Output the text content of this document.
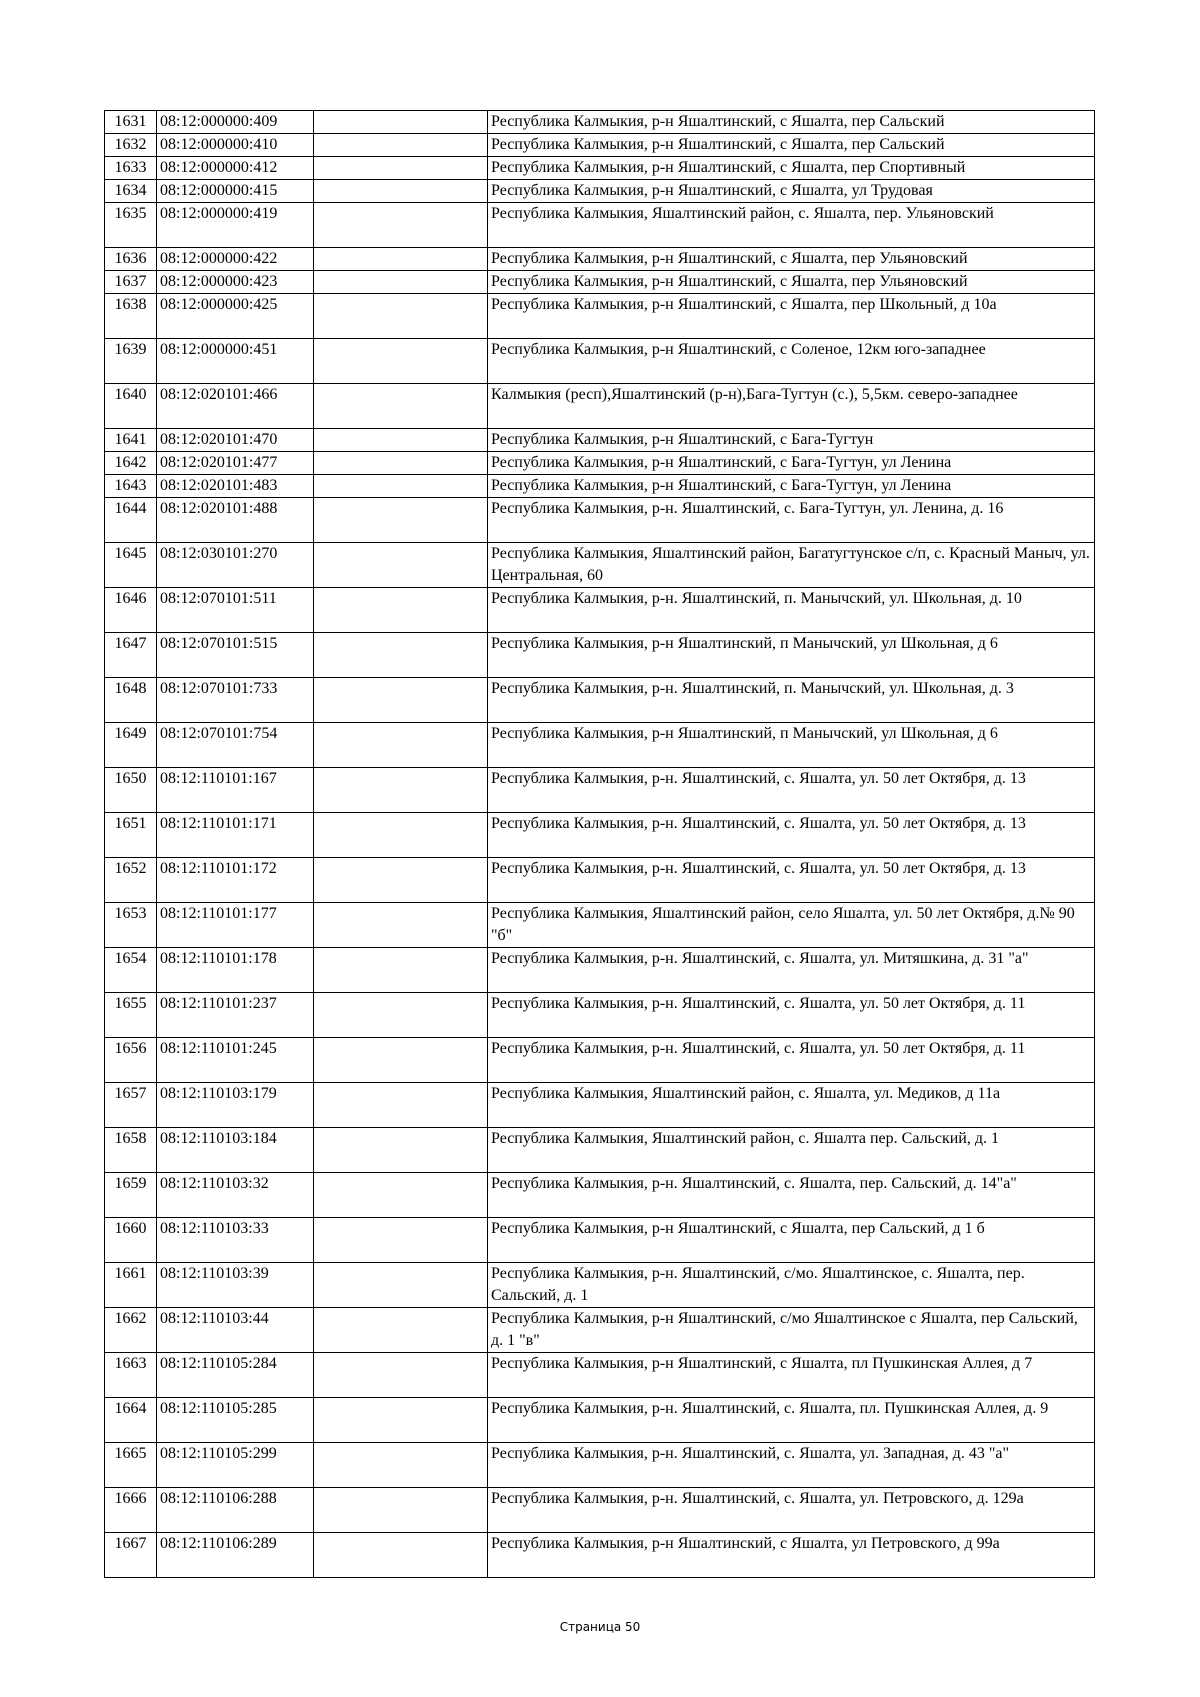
1631	08:12:000000:409		Республика Калмыкия, р-н Яшалтинский, с Яшалта, пер Сальский
1632	08:12:000000:410		Республика Калмыкия, р-н Яшалтинский, с Яшалта, пер Сальский
1633	08:12:000000:412		Республика Калмыкия, р-н Яшалтинский, с Яшалта, пер Спортивный
1634	08:12:000000:415		Республика Калмыкия, р-н Яшалтинский, с Яшалта, ул Трудовая
1635	08:12:000000:419		Республика Калмыкия, Яшалтинский район, с. Яшалта, пер. Ульяновский
1636	08:12:000000:422		Республика Калмыкия, р-н Яшалтинский, с Яшалта, пер Ульяновский
1637	08:12:000000:423		Республика Калмыкия, р-н Яшалтинский, с Яшалта, пер Ульяновский
1638	08:12:000000:425		Республика Калмыкия, р-н Яшалтинский, с Яшалта, пер Школьный, д 10а
1639	08:12:000000:451		Республика Калмыкия, р-н Яшалтинский, с Соленое, 12км юго-западнее
1640	08:12:020101:466		Калмыкия (респ),Яшалтинский (р-н),Бага-Тугтун (с.), 5,5км. северо-западнее
1641	08:12:020101:470		Республика Калмыкия, р-н Яшалтинский, с Бага-Тугтун
1642	08:12:020101:477		Республика Калмыкия, р-н Яшалтинский, с Бага-Тугтун, ул Ленина
1643	08:12:020101:483		Республика Калмыкия, р-н Яшалтинский, с Бага-Тугтун, ул Ленина
1644	08:12:020101:488		Республика Калмыкия, р-н. Яшалтинский, с. Бага-Тугтун, ул. Ленина, д. 16
1645	08:12:030101:270		Республика Калмыкия, Яшалтинский район, Багатугтунское с/п, с. Красный Маныч, ул. Центральная, 60
1646	08:12:070101:511		Республика Калмыкия, р-н. Яшалтинский, п. Манычский, ул. Школьная, д. 10
1647	08:12:070101:515		Республика Калмыкия, р-н Яшалтинский, п Манычский, ул Школьная, д 6
1648	08:12:070101:733		Республика Калмыкия, р-н. Яшалтинский, п. Манычский, ул. Школьная, д. 3
1649	08:12:070101:754		Республика Калмыкия, р-н Яшалтинский, п Манычский, ул Школьная, д 6
1650	08:12:110101:167		Республика Калмыкия, р-н. Яшалтинский, с. Яшалта, ул. 50 лет Октября, д. 13
1651	08:12:110101:171		Республика Калмыкия, р-н. Яшалтинский, с. Яшалта, ул. 50 лет Октября, д. 13
1652	08:12:110101:172		Республика Калмыкия, р-н. Яшалтинский, с. Яшалта, ул. 50 лет Октября, д. 13
1653	08:12:110101:177		Республика Калмыкия, Яшалтинский район, село Яшалта, ул. 50 лет Октября, д.№ 90 "б"
1654	08:12:110101:178		Республика Калмыкия, р-н. Яшалтинский, с. Яшалта, ул. Митяшкина, д. 31 "а"
1655	08:12:110101:237		Республика Калмыкия, р-н. Яшалтинский, с. Яшалта, ул. 50 лет Октября, д. 11
1656	08:12:110101:245		Республика Калмыкия, р-н. Яшалтинский, с. Яшалта, ул. 50 лет Октября, д. 11
1657	08:12:110103:179		Республика Калмыкия, Яшалтинский район, с. Яшалта, ул. Медиков, д 11а
1658	08:12:110103:184		Республика Калмыкия, Яшалтинский район, с. Яшалта пер. Сальский, д. 1
1659	08:12:110103:32		Республика Калмыкия, р-н. Яшалтинский, с. Яшалта, пер. Сальский, д. 14"а"
1660	08:12:110103:33		Республика Калмыкия, р-н Яшалтинский, с Яшалта, пер Сальский, д 1 б
1661	08:12:110103:39		Республика Калмыкия, р-н. Яшалтинский, с/мо. Яшалтинское, с. Яшалта, пер. Сальский, д. 1
1662	08:12:110103:44		Республика Калмыкия, р-н Яшалтинский, с/мо Яшалтинское с Яшалта, пер Сальский, д. 1 "в"
1663	08:12:110105:284		Республика Калмыкия, р-н Яшалтинский, с Яшалта, пл Пушкинская Аллея, д 7
1664	08:12:110105:285		Республика Калмыкия, р-н. Яшалтинский, с. Яшалта, пл. Пушкинская Аллея, д. 9
1665	08:12:110105:299		Республика Калмыкия, р-н. Яшалтинский, с. Яшалта, ул. Западная, д. 43 "а"
1666	08:12:110106:288		Республика Калмыкия, р-н. Яшалтинский, с. Яшалта, ул. Петровского, д. 129а
1667	08:12:110106:289		Республика Калмыкия, р-н Яшалтинский, с Яшалта, ул Петровского, д 99а
Страница 50
